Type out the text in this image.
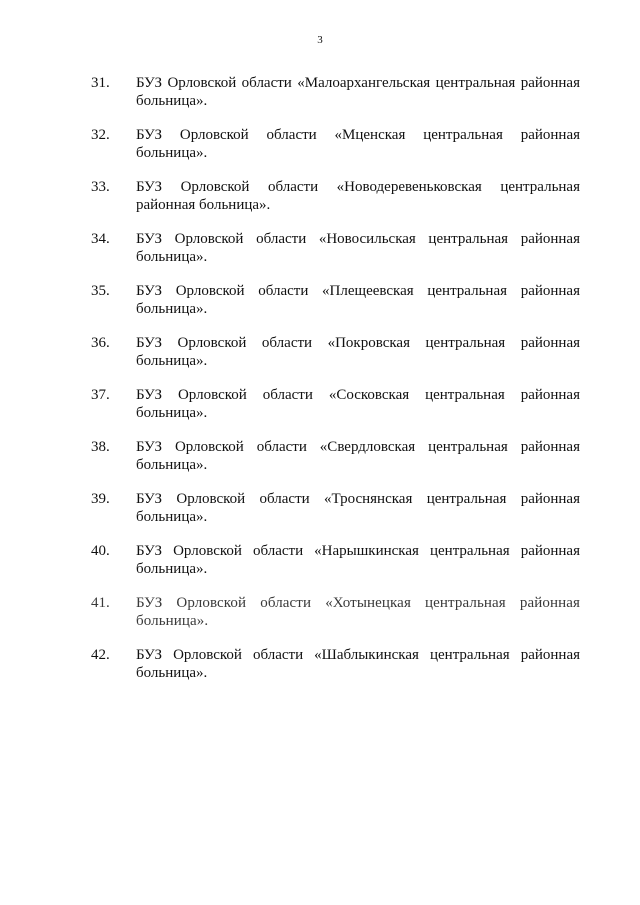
3
31. БУЗ Орловской области «Малоархангельская центральная районная больница».
32. БУЗ Орловской области «Мценская центральная районная больница».
33. БУЗ Орловской области «Новодеревеньковская центральная районная больница».
34. БУЗ Орловской области «Новосильская центральная районная больница».
35. БУЗ Орловской области «Плещеевская центральная районная больница».
36. БУЗ Орловской области «Покровская центральная районная больница».
37. БУЗ Орловской области «Сосковская центральная районная больница».
38. БУЗ Орловской области «Свердловская центральная районная больница».
39. БУЗ Орловской области «Троснянская центральная районная больница».
40. БУЗ Орловской области «Нарышкинская центральная районная больница».
41. БУЗ Орловской области «Хотынецкая центральная районная больница».
42. БУЗ Орловской области «Шаблыкинская центральная районная больница».
